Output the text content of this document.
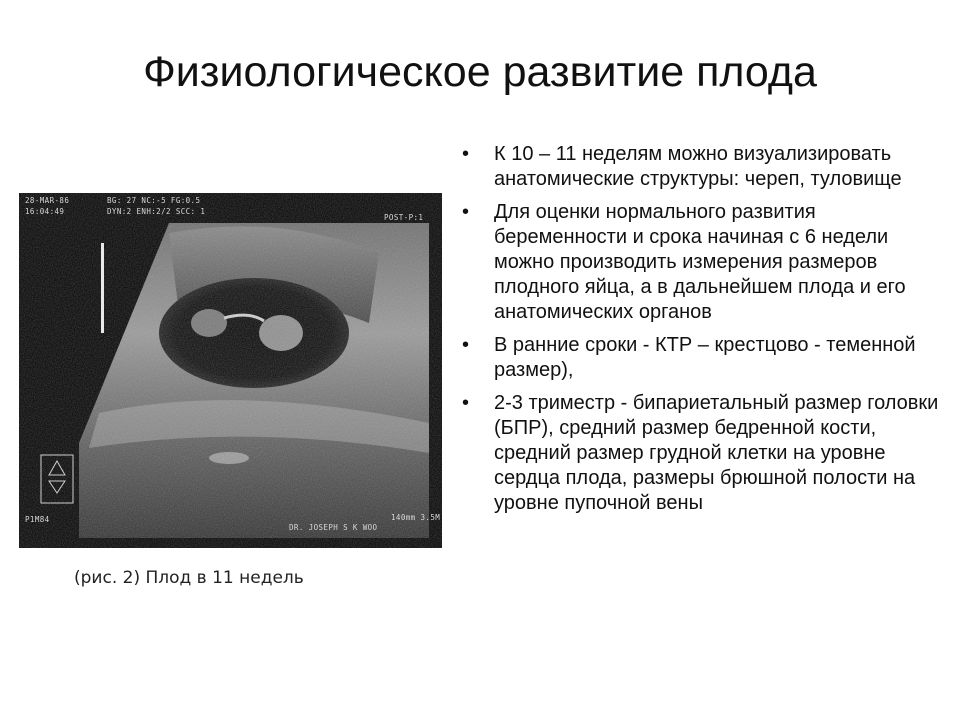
Физиологическое развитие плода
28-MAR-86
16:04:49
BG: 27 NC:-5 FG:0.5
DYN:2 ENH:2/2 SCC: 1
POST-P:1
P1M84
DR. JOSEPH S K WOO
140mm 3.5M
(рис. 2) Плод в 11 недель
• К 10 – 11 неделям можно визуализировать анатомические структуры: череп, туловище
• Для оценки нормального развития беременности и срока начиная с 6 недели можно производить измерения размеров плодного яйца, а в дальнейшем плода и его анатомических органов
• В ранние сроки - КТР – крестцово - теменной размер),
• 2-3 триместр - бипариетальный размер головки (БПР), средний размер бедренной кости, средний размер грудной клетки на уровне сердца плода, размеры брюшной полости на уровне пупочной вены
